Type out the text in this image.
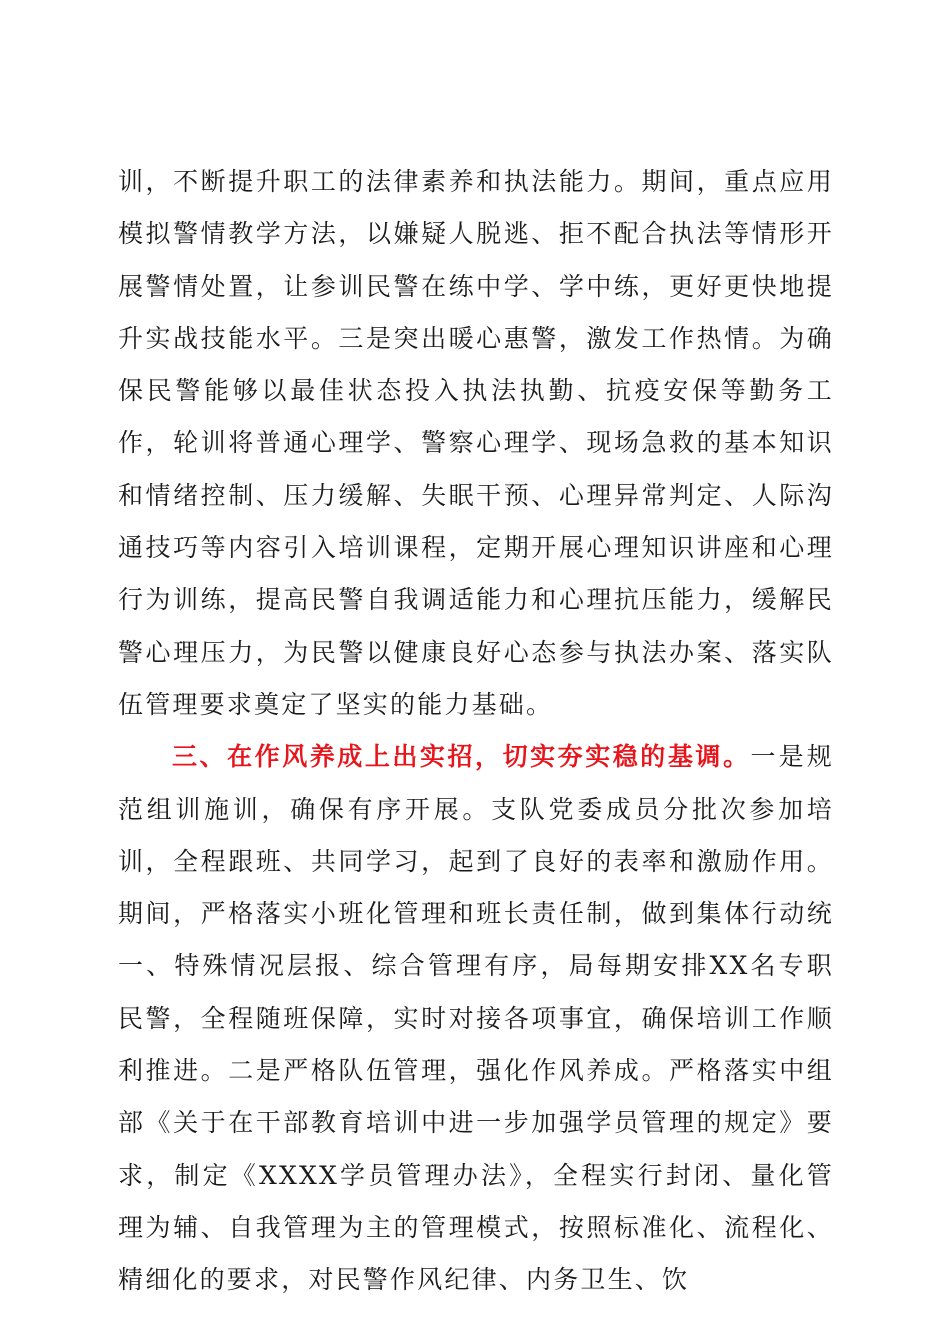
训，不断提升职工的法律素养和执法能力。期间，重点应用模拟警情教学方法，以嫌疑人脱逃、拒不配合执法等情形开展警情处置，让参训民警在练中学、学中练，更好更快地提升实战技能水平。三是突出暖心惠警，激发工作热情。为确保民警能够以最佳状态投入执法执勤、抗疫安保等勤务工作，轮训将普通心理学、警察心理学、现场急救的基本知识和情绪控制、压力缓解、失眠干预、心理异常判定、人际沟通技巧等内容引入培训课程，定期开展心理知识讲座和心理行为训练，提高民警自我调适能力和心理抗压能力，缓解民警心理压力，为民警以健康良好心态参与执法办案、落实队伍管理要求奠定了坚实的能力基础。

三、在作风养成上出实招，切实夯实稳的基调。一是规范组训施训，确保有序开展。支队党委成员分批次参加培训，全程跟班、共同学习，起到了良好的表率和激励作用。期间，严格落实小班化管理和班长责任制，做到集体行动统一、特殊情况层报、综合管理有序，局每期安排XX名专职民警，全程随班保障，实时对接各项事宜，确保培训工作顺利推进。二是严格队伍管理，强化作风养成。严格落实中组部《关于在干部教育培训中进一步加强学员管理的规定》要求，制定《XXXX学员管理办法》，全程实行封闭、量化管理为辅、自我管理为主的管理模式，按照标准化、流程化、精细化的要求，对民警作风纪律、内务卫生、饮
